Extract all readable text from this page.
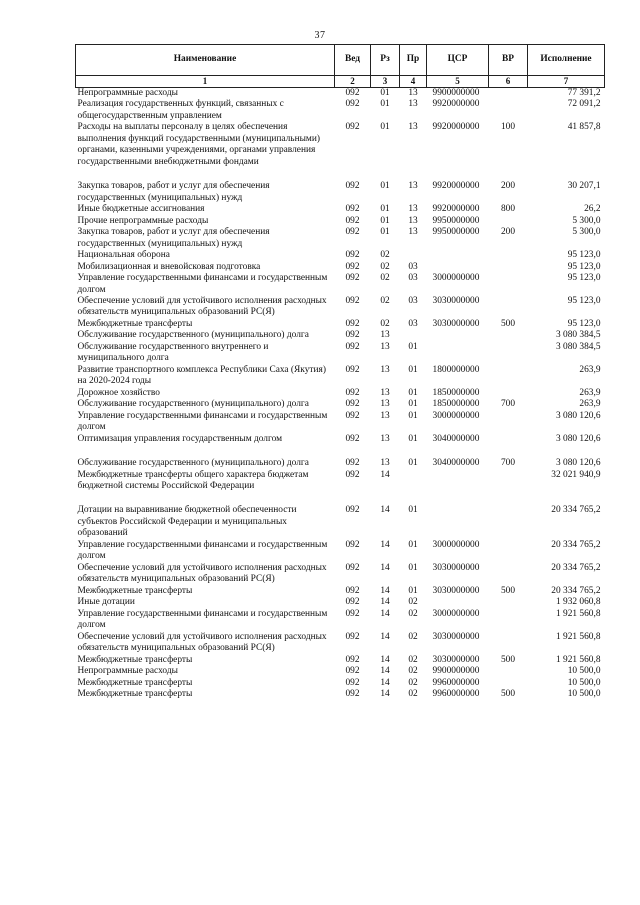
37
Наименование	Вед	Рз	Пр	ЦСР	ВР	Исполнение
1	2	3	4	5	6	7
Непрограммные расходы	092	01	13	9900000000		77 391,2
Реализация государственных функций, связанных с общегосударственным управлением	092	01	13	9920000000		72 091,2
Расходы на выплаты персоналу в целях обеспечения выполнения функций государственными (муниципальными) органами, казенными учреждениями, органами управления государственными внебюджетными фондами	092	01	13	9920000000	100	41 857,8
Закупка товаров, работ и услуг для обеспечения государственных (муниципальных) нужд	092	01	13	9920000000	200	30 207,1
Иные бюджетные ассигнования	092	01	13	9920000000	800	26,2
Прочие непрограммные расходы	092	01	13	9950000000		5 300,0
Закупка товаров, работ и услуг для обеспечения государственных (муниципальных) нужд	092	01	13	9950000000	200	5 300,0
Национальная оборона	092	02				95 123,0
Мобилизационная и вневойсковая подготовка	092	02	03			95 123,0
Управление государственными финансами и государственным долгом	092	02	03	3000000000		95 123,0
Обеспечение условий для устойчивого исполнения расходных обязательств муниципальных образований РС(Я)	092	02	03	3030000000		95 123,0
Межбюджетные трансферты	092	02	03	3030000000	500	95 123,0
Обслуживание государственного (муниципального) долга	092	13				3 080 384,5
Обслуживание государственного внутреннего и муниципального долга	092	13	01			3 080 384,5
Развитие транспортного комплекса Республики Саха (Якутия) на 2020-2024 годы	092	13	01	1800000000		263,9
Дорожное хозяйство	092	13	01	1850000000		263,9
Обслуживание государственного (муниципального) долга	092	13	01	1850000000	700	263,9
Управление государственными финансами и государственным долгом	092	13	01	3000000000		3 080 120,6
Оптимизация управления государственным долгом	092	13	01	3040000000		3 080 120,6
Обслуживание государственного (муниципального) долга	092	13	01	3040000000	700	3 080 120,6
Межбюджетные трансферты общего характера бюджетам бюджетной системы Российской Федерации	092	14				32 021 940,9
Дотации на выравнивание бюджетной обеспеченности субъектов Российской Федерации и муниципальных образований	092	14	01			20 334 765,2
Управление государственными финансами и государственным долгом	092	14	01	3000000000		20 334 765,2
Обеспечение условий для устойчивого исполнения расходных обязательств муниципальных образований РС(Я)	092	14	01	3030000000		20 334 765,2
Межбюджетные трансферты	092	14	01	3030000000	500	20 334 765,2
Иные дотации	092	14	02			1 932 060,8
Управление государственными финансами и государственным долгом	092	14	02	3000000000		1 921 560,8
Обеспечение условий для устойчивого исполнения расходных обязательств муниципальных образований РС(Я)	092	14	02	3030000000		1 921 560,8
Межбюджетные трансферты	092	14	02	3030000000	500	1 921 560,8
Непрограммные расходы	092	14	02	9900000000		10 500,0
Межбюджетные трансферты	092	14	02	9960000000		10 500,0
Межбюджетные трансферты	092	14	02	9960000000	500	10 500,0
